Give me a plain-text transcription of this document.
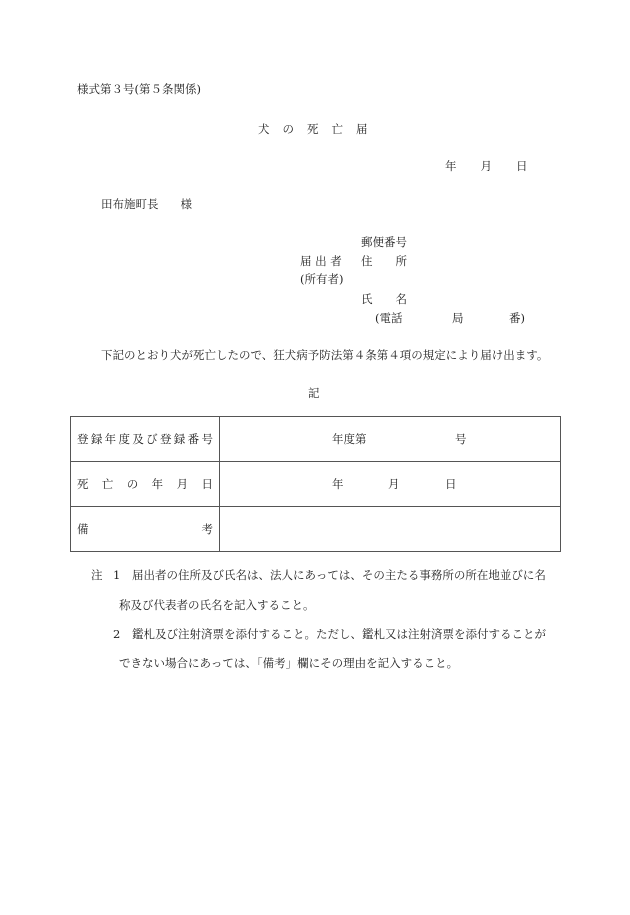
様式第３号(第５条関係)
犬 の 死 亡 届
年 月 日
田布施町長 様
郵便番号
届 出 者 住　　所
(所有者)
氏　　名
(電話	局	番)
下記のとおり犬が死亡したので、狂犬病予防法第４条第４項の規定により届け出ます。
記
登 録 年 度 及 び 登 録 番 号	年度第	号

死 亡 の 年 月 日	年	月	日

備 考	

注 1 届出者の住所及び氏名は、法人にあっては、その主たる事務所の所在地並びに名
称及び代表者の氏名を記入すること。
2 鑑札及び注射済票を添付すること。ただし、鑑札又は注射済票を添付することが
できない場合にあっては、「備考」欄にその理由を記入すること。
